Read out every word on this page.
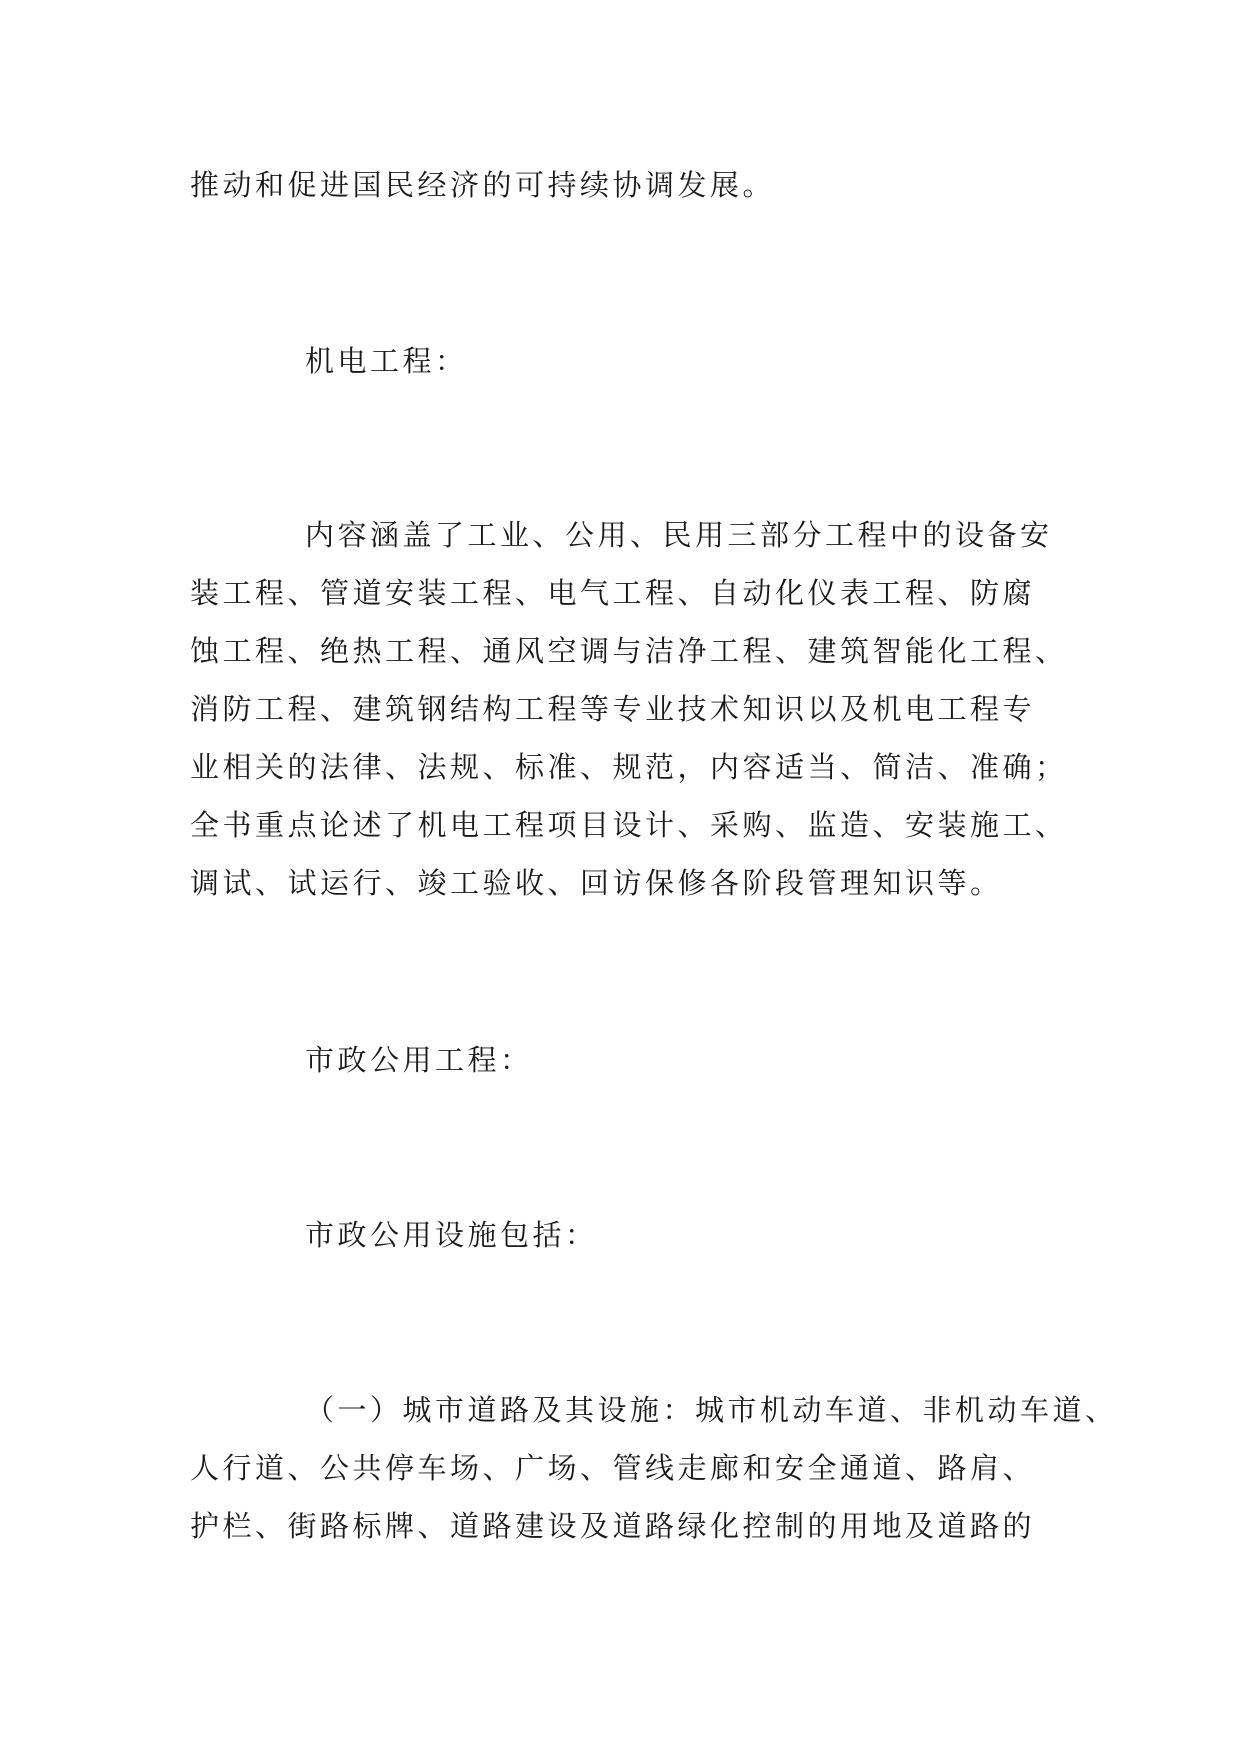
推动和促进国民经济的可持续协调发展。
机电工程：
内容涵盖了工业、公用、民用三部分工程中的设备安
装工程、管道安装工程、电气工程、自动化仪表工程、防腐
蚀工程、绝热工程、通风空调与洁净工程、建筑智能化工程、
消防工程、建筑钢结构工程等专业技术知识以及机电工程专
业相关的法律、法规、标准、规范，内容适当、简洁、准确；
全书重点论述了机电工程项目设计、采购、监造、安装施工、
调试、试运行、竣工验收、回访保修各阶段管理知识等。
市政公用工程：
市政公用设施包括：
（一）城市道路及其设施：城市机动车道、非机动车道、
人行道、公共停车场、广场、管线走廊和安全通道、路肩、
护栏、街路标牌、道路建设及道路绿化控制的用地及道路的
